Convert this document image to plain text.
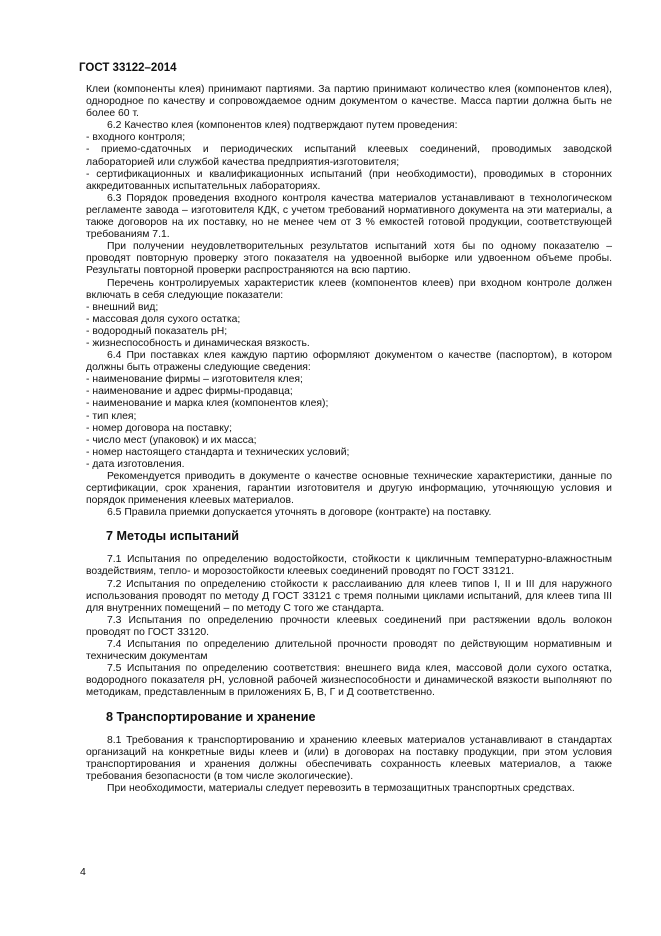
ГОСТ 33122–2014

Клеи (компоненты клея) принимают партиями. За партию принимают количество клея (компонентов клея), однородное по качеству и сопровождаемое одним документом о качестве. Масса партии должна быть не более 60 т.

6.2 Качество клея (компонентов клея) подтверждают путем проведения:

- входного контроля;

- приемо-сдаточных и периодических испытаний клеевых соединений, проводимых заводской лабораторией или службой качества предприятия-изготовителя;

- сертификационных и квалификационных испытаний (при необходимости), проводимых в сторонних аккредитованных испытательных лабораториях.

6.3 Порядок проведения входного контроля качества материалов устанавливают в технологическом регламенте завода – изготовителя КДК, с учетом требований нормативного документа на эти материалы, а также договоров на их поставку, но не менее чем от 3 % емкостей готовой продукции, соответствующей требованиям 7.1.

При получении неудовлетворительных результатов испытаний хотя бы по одному показателю – проводят повторную проверку этого показателя на удвоенной выборке или удвоенном объеме пробы. Результаты повторной проверки распространяются на всю партию.

Перечень контролируемых характеристик клеев (компонентов клеев) при входном контроле должен включать в себя следующие показатели:

- внешний вид;

- массовая доля сухого остатка;

- водородный показатель pH;

- жизнеспособность и динамическая вязкость.

6.4 При поставках клея каждую партию оформляют документом о качестве (паспортом), в котором должны быть отражены следующие сведения:

- наименование фирмы – изготовителя клея;

- наименование и адрес фирмы-продавца;

- наименование и марка клея (компонентов клея);

- тип клея;

- номер договора на поставку;

- число мест (упаковок) и их масса;

- номер настоящего стандарта и технических условий;

- дата изготовления.

Рекомендуется приводить в документе о качестве основные технические характеристики, данные по сертификации, срок хранения, гарантии изготовителя и другую информацию, уточняющую условия и порядок применения клеевых материалов.

6.5 Правила приемки допускается уточнять в договоре (контракте) на поставку.

7 Методы испытаний

7.1 Испытания по определению водостойкости, стойкости к цикличным температурно-влажностным воздействиям, тепло- и морозостойкости клеевых соединений проводят по ГОСТ 33121.

7.2 Испытания по определению стойкости к расслаиванию для клеев типов I, II и III для наружного использования проводят по методу Д ГОСТ 33121 с тремя полными циклами испытаний, для клеев типа III для внутренних помещений – по методу С того же стандарта.

7.3 Испытания по определению прочности клеевых соединений при растяжении вдоль волокон проводят по ГОСТ 33120.

7.4 Испытания по определению длительной прочности проводят по действующим нормативным и техническим документам

7.5 Испытания по определению соответствия: внешнего вида клея, массовой доли сухого остатка, водородного показателя pH, условной рабочей жизнеспособности и динамической вязкости выполняют по методикам, представленным в приложениях Б, В, Г и Д соответственно.

8 Транспортирование и хранение

8.1 Требования к транспортированию и хранению клеевых материалов устанавливают в стандартах организаций на конкретные виды клеев и (или) в договорах на поставку продукции, при этом условия транспортирования и хранения должны обеспечивать сохранность клеевых материалов, а также требования безопасности (в том числе экологические).

При необходимости, материалы следует перевозить в термозащитных транспортных средствах.

4
